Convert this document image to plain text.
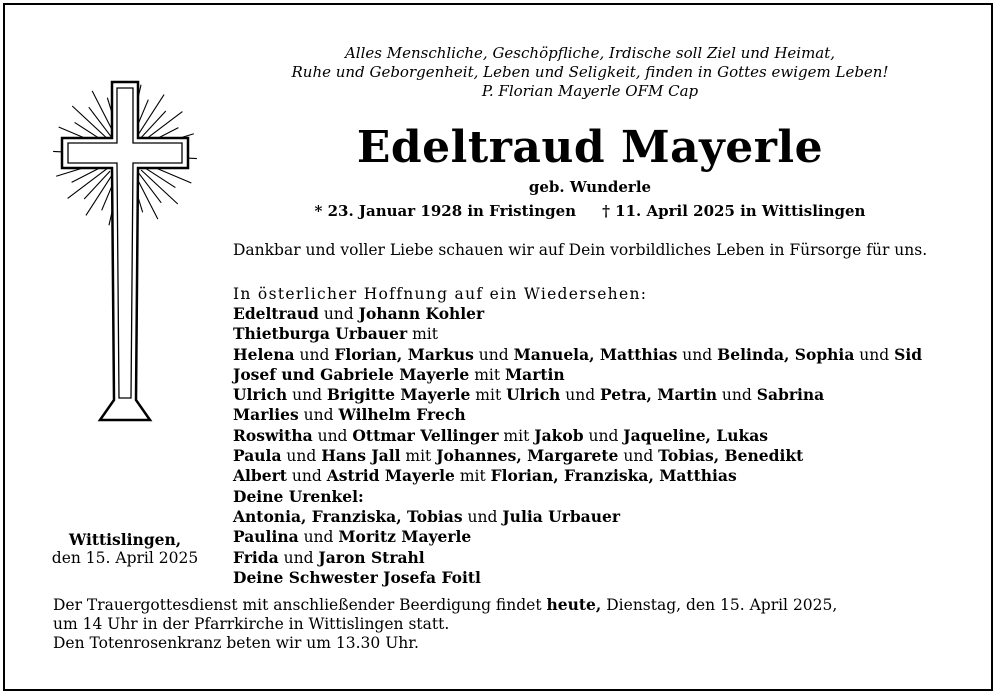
Alles Menschliche, Geschöpfliche, Irdische soll Ziel und Heimat,
Ruhe und Geborgenheit, Leben und Seligkeit, finden in Gottes ewigem Leben!
P. Florian Mayerle OFM Cap
Edeltraud Mayerle
geb. Wunderle
* 23. Januar 1928 in Fristingen † 11. April 2025 in Wittislingen
Dankbar und voller Liebe schauen wir auf Dein vorbildliches Leben in Fürsorge für uns.
In österlicher Hoffnung auf ein Wiedersehen:
Edeltraud und Johann Kohler
Thietburga Urbauer mit
Helena und Florian, Markus und Manuela, Matthias und Belinda, Sophia und Sid
Josef und Gabriele Mayerle mit Martin
Ulrich und Brigitte Mayerle mit Ulrich und Petra, Martin und Sabrina
Marlies und Wilhelm Frech
Roswitha und Ottmar Vellinger mit Jakob und Jaqueline, Lukas
Paula und Hans Jall mit Johannes, Margarete und Tobias, Benedikt
Albert und Astrid Mayerle mit Florian, Franziska, Matthias
Deine Urenkel:
Antonia, Franziska, Tobias und Julia Urbauer
Paulina und Moritz Mayerle
Frida und Jaron Strahl
Deine Schwester Josefa Foitl
Wittislingen,
den 15. April 2025
Der Trauergottesdienst mit anschließender Beerdigung findet heute, Dienstag, den 15. April 2025,
um 14 Uhr in der Pfarrkirche in Wittislingen statt.
Den Totenrosenkranz beten wir um 13.30 Uhr.
